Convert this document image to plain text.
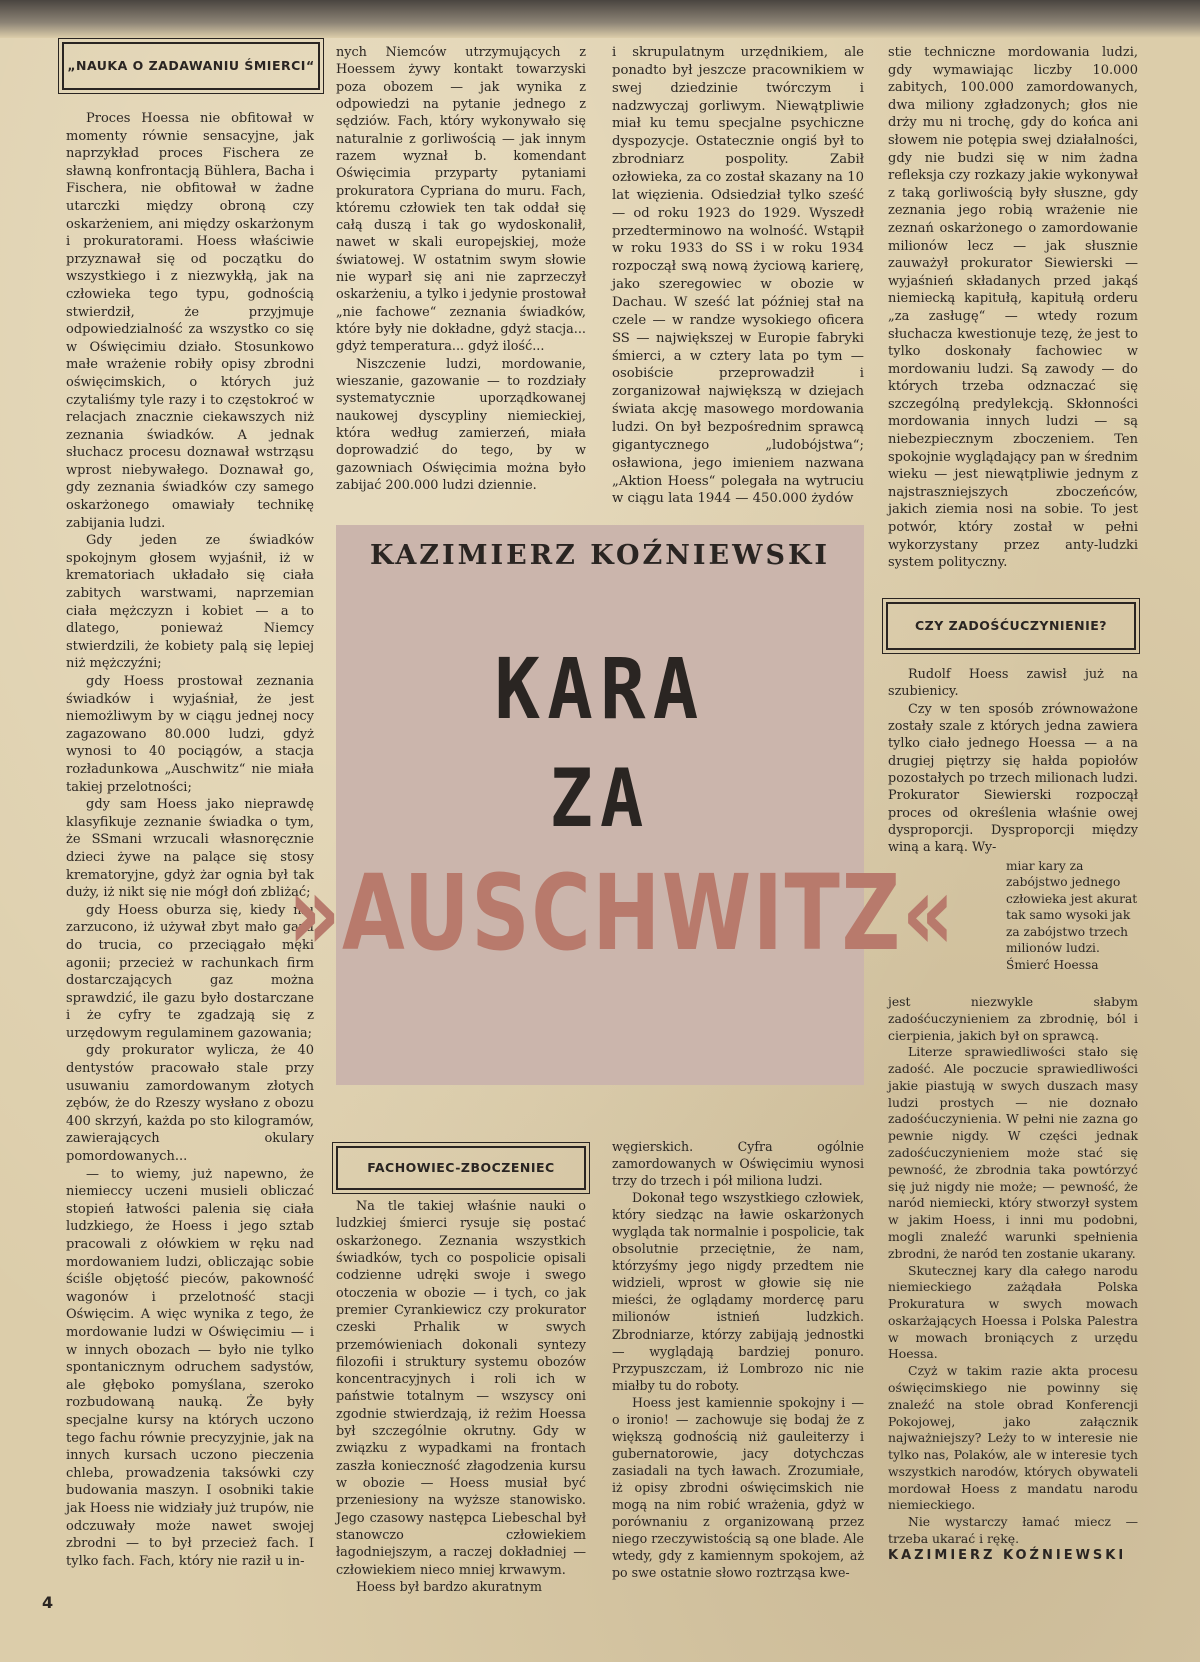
„NAUKA O ZADAWANIU ŚMIERCI“

Proces Hoessa nie obfitował w momenty równie sensacyjne, jak naprzykład proces Fischera ze sławną konfrontacją Bühlera, Bacha i Fischera, nie obfitował w żadne utarczki między obroną czy oskarżeniem, ani między oskarżonym i prokuratorami. Hoess właściwie przyznawał się od początku do wszystkiego i z niezwykłą, jak na człowieka tego typu, godnością stwierdził, że przyjmuje odpowiedzialność za wszystko co się w Oświęcimiu działo. Stosunkowo małe wrażenie robiły opisy zbrodni oświęcimskich, o których już czytaliśmy tyle razy i to częstokroć w relacjach znacznie ciekawszych niż zeznania świadków. A jednak słuchacz procesu doznawał wstrząsu wprost niebywałego. Doznawał go, gdy zeznania świadków czy samego oskarżonego omawiały technikę zabijania ludzi.

Gdy jeden ze świadków spokojnym głosem wyjaśnił, iż w krematoriach układało się ciała zabitych warstwami, naprzemian ciała mężczyzn i kobiet — a to dlatego, ponieważ Niemcy stwierdzili, że kobiety palą się lepiej niż mężczyźni;

gdy Hoess prostował zeznania świadków i wyjaśniał, że jest niemożliwym by w ciągu jednej nocy zagazowano 80.000 ludzi, gdyż wynosi to 40 pociągów, a stacja rozładunkowa „Auschwitz“ nie miała takiej przelotności;

gdy sam Hoess jako nieprawdę klasyfikuje zeznanie świadka o tym, że SSmani wrzucali własnoręcznie dzieci żywe na palące się stosy krematoryjne, gdyż żar ognia był tak duży, iż nikt się nie mógł doń zbliżać;

gdy Hoess oburza się, kiedy mu zarzucono, iż używał zbyt mało gazu do trucia, co przeciągało męki agonii; przecież w rachunkach firm dostarczających gaz można sprawdzić, ile gazu było dostarczane i że cyfry te zgadzają się z urzędowym regulaminem gazowania;

gdy prokurator wylicza, że 40 dentystów pracowało stale przy usuwaniu zamordowanym złotych zębów, że do Rzeszy wysłano z obozu 400 skrzyń, każda po sto kilogramów, zawierających okulary pomordowanych...

— to wiemy, już napewno, że niemieccy uczeni musieli obliczać stopień łatwości palenia się ciała ludzkiego, że Hoess i jego sztab pracowali z ołówkiem w ręku nad mordowaniem ludzi, obliczając sobie ściśle objętość pieców, pakowność wagonów i przelotność stacji Oświęcim. A więc wynika z tego, że mordowanie ludzi w Oświęcimiu — i w innych obozach — było nie tylko spontanicznym odruchem sadystów, ale głęboko pomyślana, szeroko rozbudowaną nauką. Że były specjalne kursy na których uczono tego fachu równie precyzyjnie, jak na innych kursach uczono pieczenia chleba, prowadzenia taksówki czy budowania maszyn. I osobniki takie jak Hoess nie widziały już trupów, nie odczuwały może nawet swojej zbrodni — to był przecież fach. I tylko fach. Fach, który nie raził u in-

nych Niemców utrzymujących z Hoessem żywy kontakt towarzyski poza obozem — jak wynika z odpowiedzi na pytanie jednego z sędziów. Fach, który wykonywało się naturalnie z gorliwością — jak innym razem wyznał b. komendant Oświęcimia przyparty pytaniami prokuratora Cypriana do muru. Fach, któremu człowiek ten tak oddał się całą duszą i tak go wydoskonalił, nawet w skali europejskiej, może światowej. W ostatnim swym słowie nie wyparł się ani nie zaprzeczył oskarżeniu, a tylko i jedynie prostował „nie fachowe“ zeznania świadków, które były nie dokładne, gdyż stacja... gdyż temperatura... gdyż ilość...

Niszczenie ludzi, mordowanie, wieszanie, gazowanie — to rozdziały systematycznie uporządkowanej naukowej dyscypliny niemieckiej, która według zamierzeń, miała doprowadzić do tego, by w gazowniach Oświęcimia można było zabijać 200.000 ludzi dziennie.

i skrupulatnym urzędnikiem, ale ponadto był jeszcze pracownikiem w swej dziedzinie twórczym i nadzwyczaj gorliwym. Niewątpliwie miał ku temu specjalne psychiczne dyspozycje. Ostatecznie ongiś był to zbrodniarz pospolity. Zabił ozłowieka, za co został skazany na 10 lat więzienia. Odsiedział tylko sześć — od roku 1923 do 1929. Wyszedł przedterminowo na wolność. Wstąpił w roku 1933 do SS i w roku 1934 rozpoczął swą nową życiową karierę, jako szeregowiec w obozie w Dachau. W sześć lat później stał na czele — w randze wysokiego oficera SS — największej w Europie fabryki śmierci, a w cztery lata po tym — osobiście przeprowadził i zorganizował największą w dziejach świata akcję masowego mordowania ludzi. On był bezpośrednim sprawcą gigantycznego „ludobójstwa“; osławiona, jego imieniem nazwana „Aktion Hoess“ polegała na wytruciu w ciągu lata 1944 — 450.000 żydów

KAZIMIERZ KOŹNIEWSKI
KARA
ZA
»AUSCHWITZ«
FACHOWIEC-ZBOCZENIEC

Na tle takiej właśnie nauki o ludzkiej śmierci rysuje się postać oskarżonego. Zeznania wszystkich świadków, tych co pospolicie opisali codzienne udręki swoje i swego otoczenia w obozie — i tych, co jak premier Cyrankiewicz czy prokurator czeski Prhalik w swych przemówieniach dokonali syntezy filozofii i struktury systemu obozów koncentracyjnych i roli ich w państwie totalnym — wszyscy oni zgodnie stwierdzają, iż reżim Hoessa był szczególnie okrutny. Gdy w związku z wypadkami na frontach zaszła konieczność złagodzenia kursu w obozie — Hoess musiał być przeniesiony na wyższe stanowisko. Jego czasowy następca Liebeschal był stanowczo człowiekiem łagodniejszym, a raczej dokładniej — człowiekiem nieco mniej krwawym.

Hoess był bardzo akuratnym

węgierskich. Cyfra ogólnie zamordowanych w Oświęcimiu wynosi trzy do trzech i pół miliona ludzi.

Dokonał tego wszystkiego człowiek, który siedząc na ławie oskarżonych wygląda tak normalnie i pospolicie, tak obsolutnie przeciętnie, że nam, którzyśmy jego nigdy przedtem nie widzieli, wprost w głowie się nie mieści, że oglądamy mordercę paru milionów istnień ludzkich. Zbrodniarze, którzy zabijają jednostki — wyglądają bardziej ponuro. Przypuszczam, iż Lombrozo nic nie miałby tu do roboty.

Hoess jest kamiennie spokojny i — o ironio! — zachowuje się bodaj że z większą godnością niż gauleiterzy i gubernatorowie, jacy dotychczas zasiadali na tych ławach. Zrozumiałe, iż opisy zbrodni oświęcimskich nie mogą na nim robić wrażenia, gdyż w porównaniu z organizowaną przez niego rzeczywistością są one blade. Ale wtedy, gdy z kamiennym spokojem, aż po swe ostatnie słowo roztrząsa kwe-

stie techniczne mordowania ludzi, gdy wymawiając liczby 10.000 zabitych, 100.000 zamordowanych, dwa miliony zgładzonych; głos nie drży mu ni trochę, gdy do końca ani słowem nie potępia swej działalności, gdy nie budzi się w nim żadna refleksja czy rozkazy jakie wykonywał z taką gorliwością były słuszne, gdy zeznania jego robią wrażenie nie zeznań oskarżonego o zamordowanie milionów lecz — jak słusznie zauważył prokurator Siewierski — wyjaśnień składanych przed jakąś niemiecką kapitułą, kapitułą orderu „za zasługę“ — wtedy rozum słuchacza kwestionuje tezę, że jest to tylko doskonały fachowiec w mordowaniu ludzi. Są zawody — do których trzeba odznaczać się szczególną predylekcją. Skłonności mordowania innych ludzi — są niebezpiecznym zboczeniem. Ten spokojnie wyglądający pan w średnim wieku — jest niewątpliwie jednym z najstraszniejszych zboczeńców, jakich ziemia nosi na sobie. To jest potwór, który został w pełni wykorzystany przez anty-ludzki system polityczny.

CZY ZADOŚĆUCZYNIENIE?

Rudolf Hoess zawisł już na szubienicy.

Czy w ten sposób zrównoważone zostały szale z których jedna zawiera tylko ciało jednego Hoessa — a na drugiej piętrzy się hałda popiołów pozostałych po trzech milionach ludzi. Prokurator Siewierski rozpoczął proces od określenia właśnie owej dysproporcji. Dysproporcji między winą a karą. Wy-

miar kary za zabójstwo jednego człowieka jest akurat tak samo wysoki jak za zabójstwo trzech milionów ludzi. Śmierć Hoessa

jest niezwykle słabym zadośćuczynieniem za zbrodnię, ból i cierpienia, jakich był on sprawcą.

Literze sprawiedliwości stało się zadość. Ale poczucie sprawiedliwości jakie piastują w swych duszach masy ludzi prostych — nie doznało zadośćuczynienia. W pełni nie zazna go pewnie nigdy. W części jednak zadośćuczynieniem może stać się pewność, że zbrodnia taka powtórzyć się już nigdy nie może; — pewność, że naród niemiecki, który stworzył system w jakim Hoess, i inni mu podobni, mogli znaleźć warunki spełnienia zbrodni, że naród ten zostanie ukarany.

Skutecznej kary dla całego narodu niemieckiego zażądała Polska Prokuratura w swych mowach oskarżających Hoessa i Polska Palestra w mowach broniących z urzędu Hoessa.

Czyż w takim razie akta procesu oświęcimskiego nie powinny się znaleźć na stole obrad Konferencji Pokojowej, jako załącznik najważniejszy? Leży to w interesie nie tylko nas, Polaków, ale w interesie tych wszystkich narodów, których obywateli mordował Hoess z mandatu narodu niemieckiego.

Nie wystarczy łamać miecz — trzeba ukarać i rękę.

KAZIMIERZ KOŹNIEWSKI

4
